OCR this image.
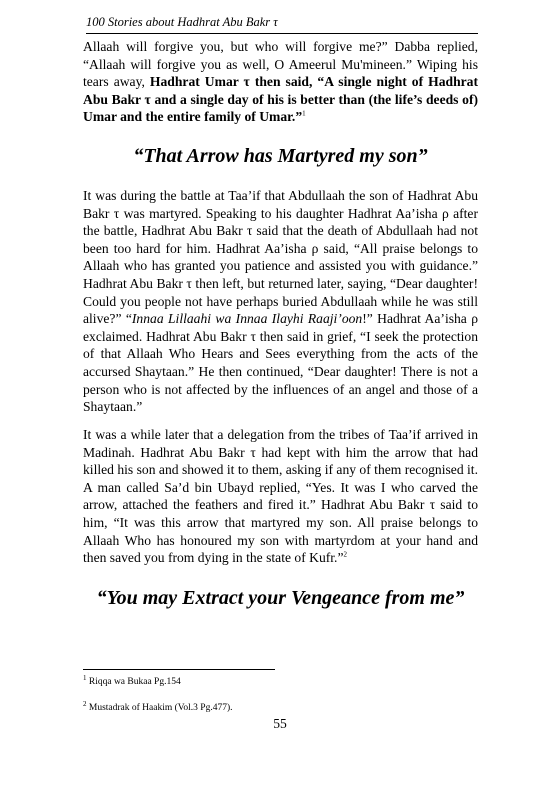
100 Stories about Hadhrat Abu Bakr τ

Allaah will forgive you, but who will forgive me?” Dabba replied, “Allaah will forgive you as well, O Ameerul Mu'mineen.” Wiping his tears away, Hadhrat Umar τ then said, “A single night of Hadhrat Abu Bakr τ and a single day of his is better than (the life’s deeds of) Umar and the entire family of Umar.”$^1$

“That Arrow has Martyred my son”

It was during the battle at Taa’if that Abdullaah the son of Hadhrat Abu Bakr τ was martyred. Speaking to his daughter Hadhrat Aa’isha ρ after the battle, Hadhrat Abu Bakr τ said that the death of Abdullaah had not been too hard for him. Hadhrat Aa’isha ρ said, “All praise belongs to Allaah who has granted you patience and assisted you with guidance.” Hadhrat Abu Bakr τ then left, but returned later, saying, “Dear daughter! Could you people not have perhaps buried Abdullaah while he was still alive?” “Innaa Lillaahi wa Innaa Ilayhi Raaji’oon!” Hadhrat Aa’isha ρ exclaimed. Hadhrat Abu Bakr τ then said in grief, “I seek the protection of that Allaah Who Hears and Sees everything from the acts of the accursed Shaytaan.” He then continued, “Dear daughter! There is not a person who is not affected by the influences of an angel and those of a Shaytaan.”

It was a while later that a delegation from the tribes of Taa’if arrived in Madinah. Hadhrat Abu Bakr τ had kept with him the arrow that had killed his son and showed it to them, asking if any of them recognised it. A man called Sa’d bin Ubayd replied, “Yes. It was I who carved the arrow, attached the feathers and fired it.” Hadhrat Abu Bakr τ said to him, “It was this arrow that martyred my son. All praise belongs to Allaah Who has honoured my son with martyrdom at your hand and then saved you from dying in the state of Kufr.”$^2$

“You may Extract your Vengeance from me”

$^1$ Riqqa wa Bukaa Pg.154

$^2$ Mustadrak of Haakim (Vol.3 Pg.477).

55
